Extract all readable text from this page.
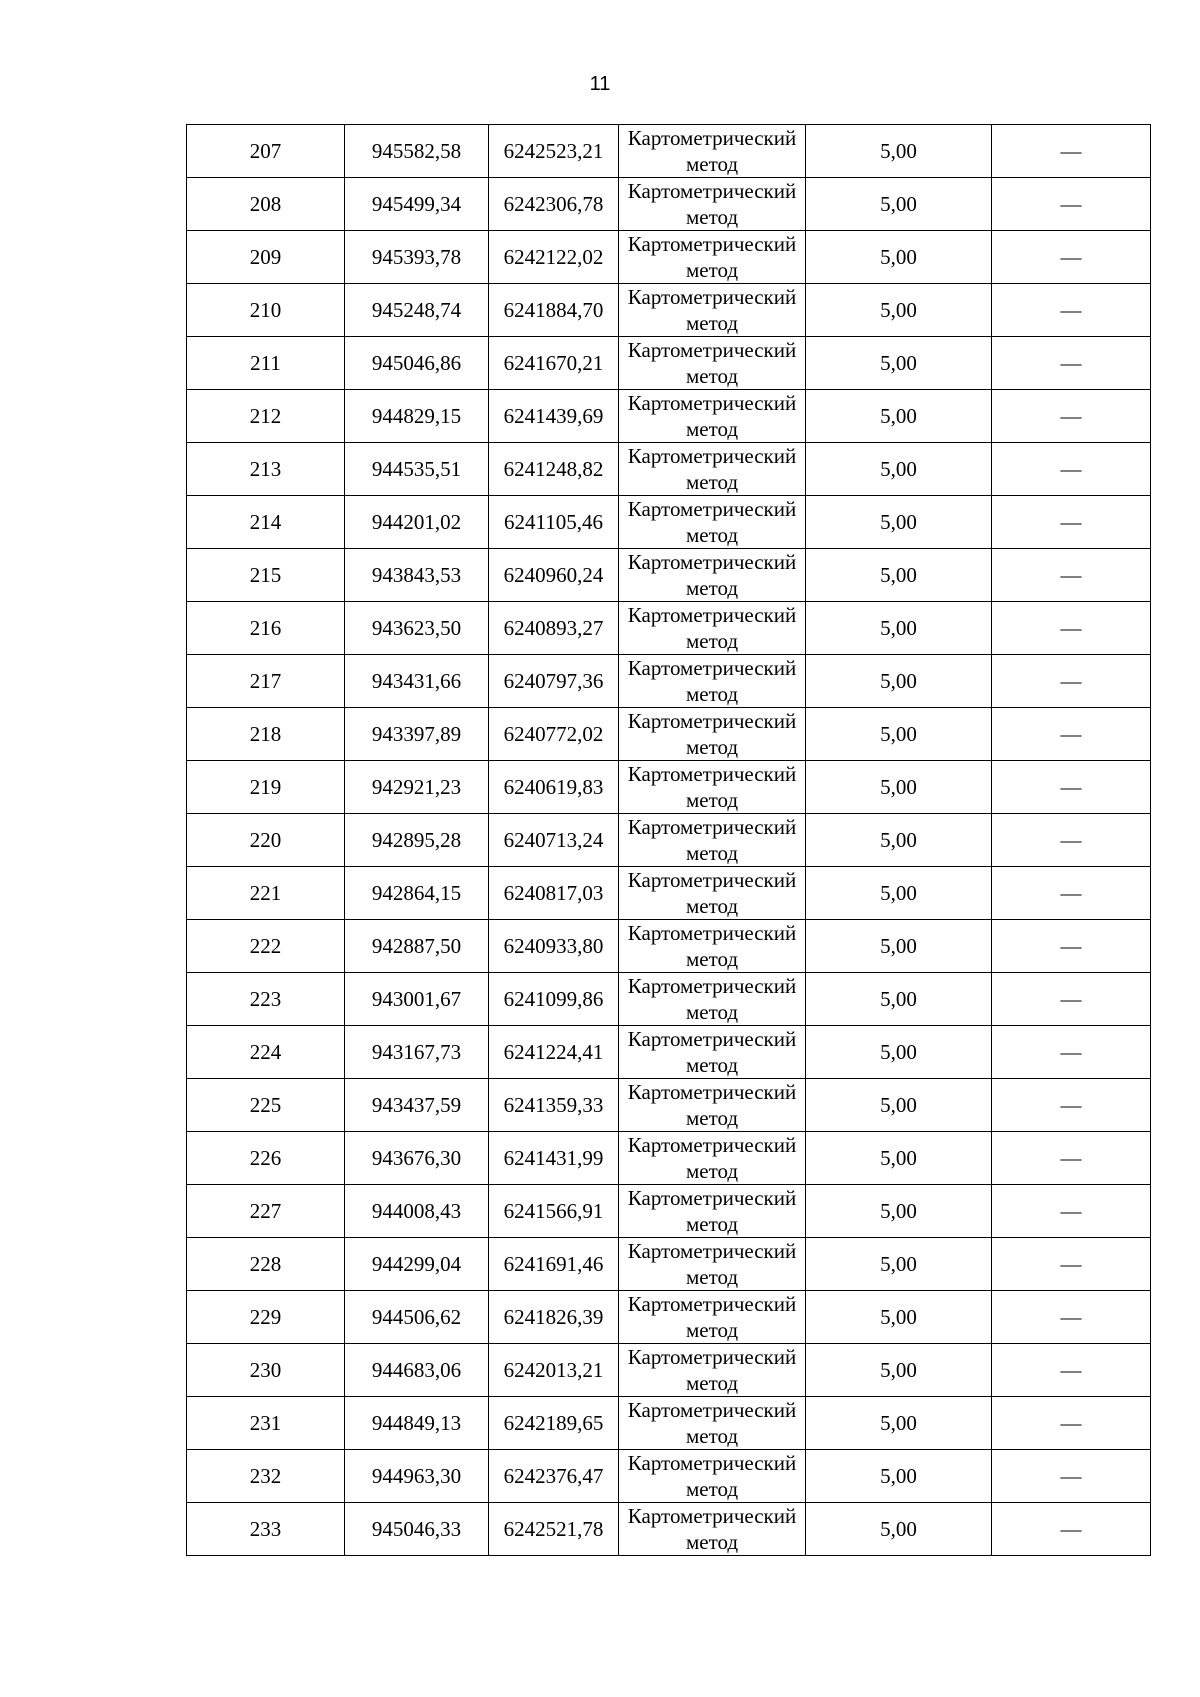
11
207	945582,58	6242523,21	Картометрический метод	5,00	—
208	945499,34	6242306,78	Картометрический метод	5,00	—
209	945393,78	6242122,02	Картометрический метод	5,00	—
210	945248,74	6241884,70	Картометрический метод	5,00	—
211	945046,86	6241670,21	Картометрический метод	5,00	—
212	944829,15	6241439,69	Картометрический метод	5,00	—
213	944535,51	6241248,82	Картометрический метод	5,00	—
214	944201,02	6241105,46	Картометрический метод	5,00	—
215	943843,53	6240960,24	Картометрический метод	5,00	—
216	943623,50	6240893,27	Картометрический метод	5,00	—
217	943431,66	6240797,36	Картометрический метод	5,00	—
218	943397,89	6240772,02	Картометрический метод	5,00	—
219	942921,23	6240619,83	Картометрический метод	5,00	—
220	942895,28	6240713,24	Картометрический метод	5,00	—
221	942864,15	6240817,03	Картометрический метод	5,00	—
222	942887,50	6240933,80	Картометрический метод	5,00	—
223	943001,67	6241099,86	Картометрический метод	5,00	—
224	943167,73	6241224,41	Картометрический метод	5,00	—
225	943437,59	6241359,33	Картометрический метод	5,00	—
226	943676,30	6241431,99	Картометрический метод	5,00	—
227	944008,43	6241566,91	Картометрический метод	5,00	—
228	944299,04	6241691,46	Картометрический метод	5,00	—
229	944506,62	6241826,39	Картометрический метод	5,00	—
230	944683,06	6242013,21	Картометрический метод	5,00	—
231	944849,13	6242189,65	Картометрический метод	5,00	—
232	944963,30	6242376,47	Картометрический метод	5,00	—
233	945046,33	6242521,78	Картометрический метод	5,00	—
